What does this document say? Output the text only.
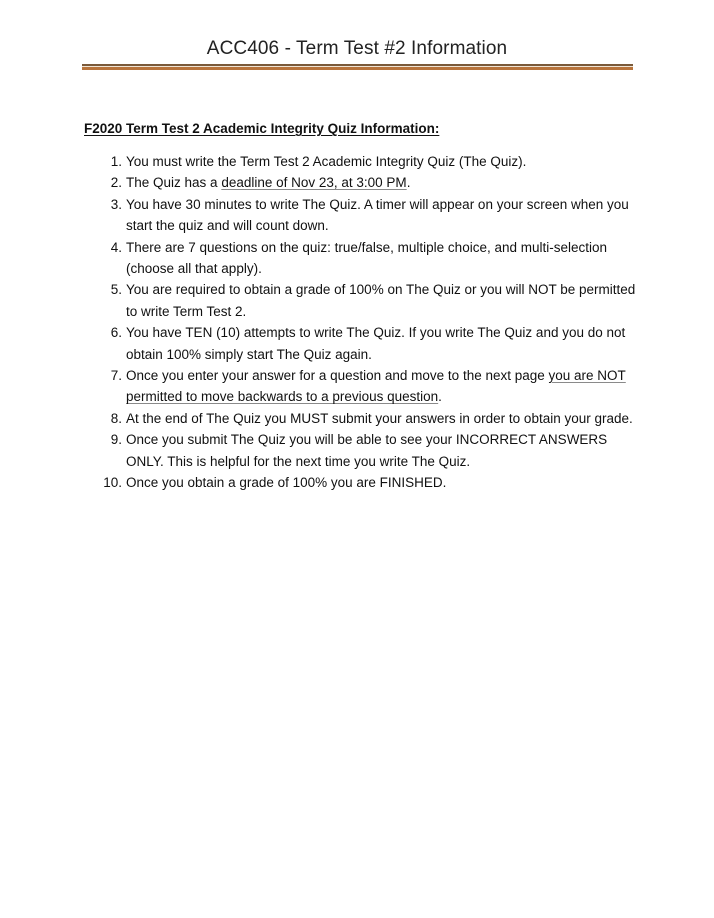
ACC406 - Term Test #2 Information
F2020 Term Test 2 Academic Integrity Quiz Information:
1. You must write the Term Test 2 Academic Integrity Quiz (The Quiz).
2. The Quiz has a deadline of Nov 23, at 3:00 PM.
3. You have 30 minutes to write The Quiz. A timer will appear on your screen when you start the quiz and will count down.
4. There are 7 questions on the quiz: true/false, multiple choice, and multi-selection (choose all that apply).
5. You are required to obtain a grade of 100% on The Quiz or you will NOT be permitted to write Term Test 2.
6. You have TEN (10) attempts to write The Quiz. If you write The Quiz and you do not obtain 100% simply start The Quiz again.
7. Once you enter your answer for a question and move to the next page you are NOT permitted to move backwards to a previous question.
8. At the end of The Quiz you MUST submit your answers in order to obtain your grade.
9. Once you submit The Quiz you will be able to see your INCORRECT ANSWERS ONLY. This is helpful for the next time you write The Quiz.
10. Once you obtain a grade of 100% you are FINISHED.
